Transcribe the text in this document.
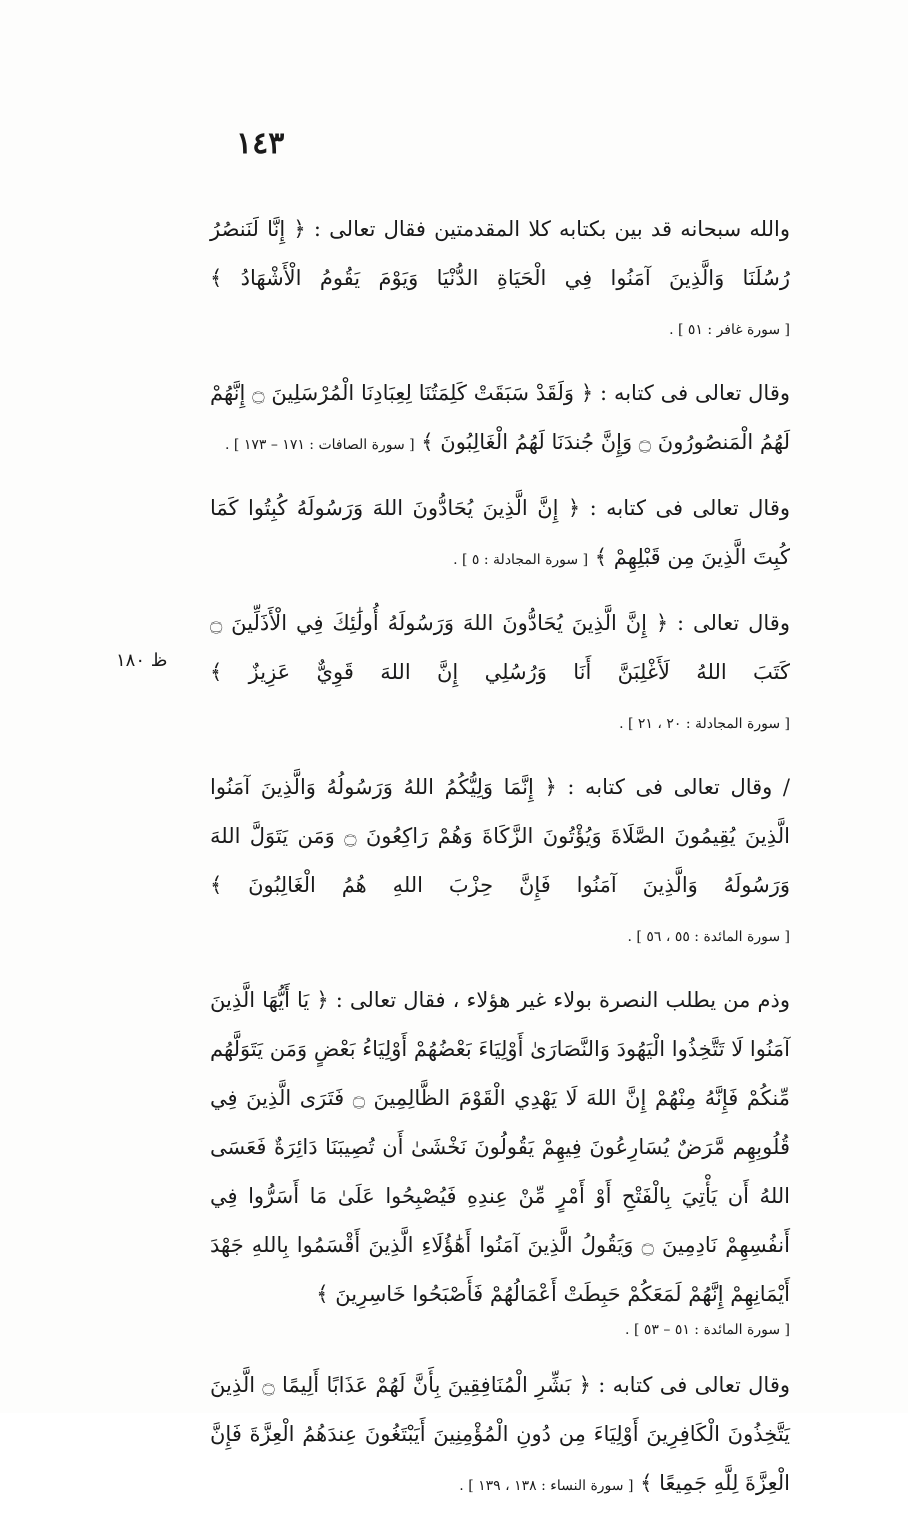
١٤٣
ظ ١٨٠

والله سبحانه قد بين بكتابه كلا المقدمتين فقال تعالى : ﴿ إِنَّا لَنَنصُرُ رُسُلَنَا وَالَّذِينَ آمَنُوا فِي الْحَيَاةِ الدُّنْيَا وَيَوْمَ يَقُومُ الْأَشْهَادُ ﴾ [ سورة غافر : ٥١ ] .

وقال تعالى فى كتابه : ﴿ وَلَقَدْ سَبَقَتْ كَلِمَتُنَا لِعِبَادِنَا الْمُرْسَلِينَ ۝ إِنَّهُمْ لَهُمُ الْمَنصُورُونَ ۝ وَإِنَّ جُندَنَا لَهُمُ الْغَالِبُونَ ﴾ [ سورة الصافات : ١٧١ – ١٧٣ ] .

وقال تعالى فى كتابه : ﴿ إِنَّ الَّذِينَ يُحَادُّونَ اللهَ وَرَسُولَهُ كُبِتُوا كَمَا كُبِتَ الَّذِينَ مِن قَبْلِهِمْ ﴾ [ سورة المجادلة : ٥ ] .

وقال تعالى : ﴿ إِنَّ الَّذِينَ يُحَادُّونَ اللهَ وَرَسُولَهُ أُولَٰئِكَ فِي الْأَذَلِّينَ ۝ كَتَبَ اللهُ لَأَغْلِبَنَّ أَنَا وَرُسُلِي إِنَّ اللهَ قَوِيٌّ عَزِيزٌ ﴾ [ سورة المجادلة : ٢٠ ، ٢١ ] .

/ وقال تعالى فى كتابه : ﴿ إِنَّمَا وَلِيُّكُمُ اللهُ وَرَسُولُهُ وَالَّذِينَ آمَنُوا الَّذِينَ يُقِيمُونَ الصَّلَاةَ وَيُؤْتُونَ الزَّكَاةَ وَهُمْ رَاكِعُونَ ۝ وَمَن يَتَوَلَّ اللهَ وَرَسُولَهُ وَالَّذِينَ آمَنُوا فَإِنَّ حِزْبَ اللهِ هُمُ الْغَالِبُونَ ﴾ [ سورة المائدة : ٥٥ ، ٥٦ ] .

وذم من يطلب النصرة بولاء غير هؤلاء ، فقال تعالى : ﴿ يَا أَيُّهَا الَّذِينَ آمَنُوا لَا تَتَّخِذُوا الْيَهُودَ وَالنَّصَارَىٰ أَوْلِيَاءَ بَعْضُهُمْ أَوْلِيَاءُ بَعْضٍ وَمَن يَتَوَلَّهُم مِّنكُمْ فَإِنَّهُ مِنْهُمْ إِنَّ اللهَ لَا يَهْدِي الْقَوْمَ الظَّالِمِينَ ۝ فَتَرَى الَّذِينَ فِي قُلُوبِهِم مَّرَضٌ يُسَارِعُونَ فِيهِمْ يَقُولُونَ نَخْشَىٰ أَن تُصِيبَنَا دَائِرَةٌ فَعَسَى اللهُ أَن يَأْتِيَ بِالْفَتْحِ أَوْ أَمْرٍ مِّنْ عِندِهِ فَيُصْبِحُوا عَلَىٰ مَا أَسَرُّوا فِي أَنفُسِهِمْ نَادِمِينَ ۝ وَيَقُولُ الَّذِينَ آمَنُوا أَهَٰؤُلَاءِ الَّذِينَ أَقْسَمُوا بِاللهِ جَهْدَ أَيْمَانِهِمْ إِنَّهُمْ لَمَعَكُمْ حَبِطَتْ أَعْمَالُهُمْ فَأَصْبَحُوا خَاسِرِينَ ﴾
[ سورة المائدة : ٥١ – ٥٣ ] .

وقال تعالى فى كتابه : ﴿ بَشِّرِ الْمُنَافِقِينَ بِأَنَّ لَهُمْ عَذَابًا أَلِيمًا ۝ الَّذِينَ يَتَّخِذُونَ الْكَافِرِينَ أَوْلِيَاءَ مِن دُونِ الْمُؤْمِنِينَ أَيَبْتَغُونَ عِندَهُمُ الْعِزَّةَ فَإِنَّ الْعِزَّةَ لِلَّهِ جَمِيعًا ﴾ [ سورة النساء : ١٣٨ ، ١٣٩ ] .
